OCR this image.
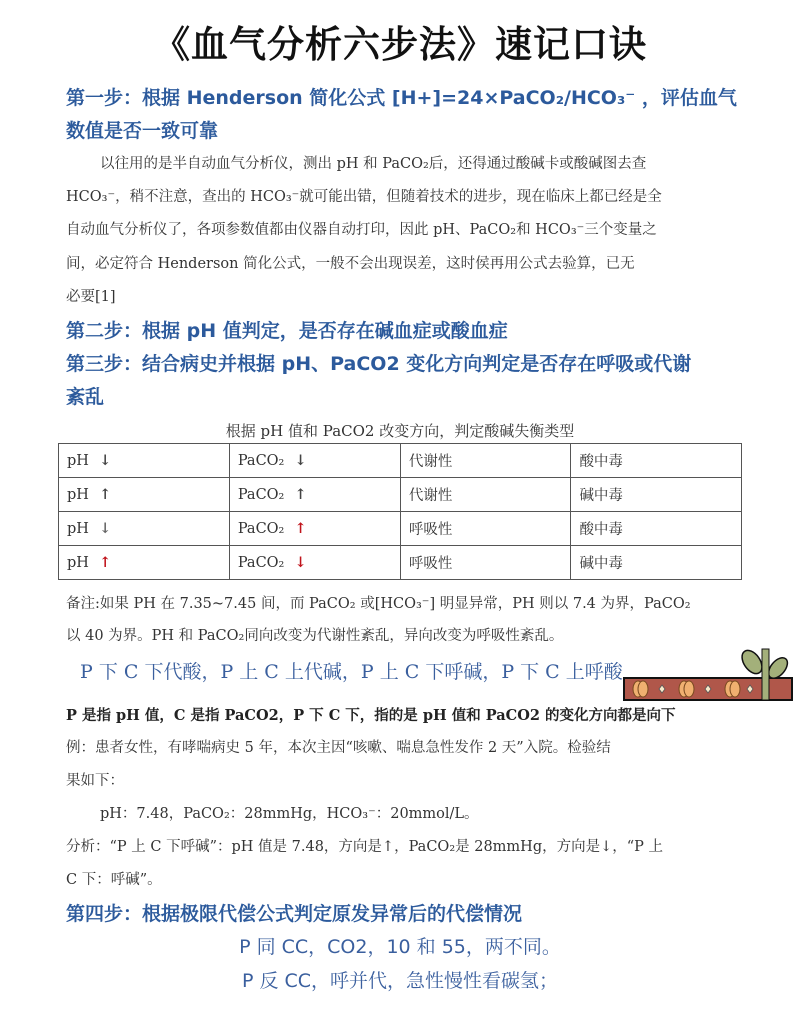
《血气分析六步法》速记口诀
第一步：根据 Henderson 简化公式 [H+]=24×PaCO₂/HCO₃⁻ ，评估血气
数值是否一致可靠
以往用的是半自动血气分析仪，测出 pH 和 PaCO₂后，还得通过酸碱卡或酸碱图去查
HCO₃⁻，稍不注意，查出的 HCO₃⁻就可能出错，但随着技术的进步，现在临床上都已经是全
自动血气分析仪了，各项参数值都由仪器自动打印，因此 pH、PaCO₂和 HCO₃⁻三个变量之
间，必定符合 Henderson 简化公式，一般不会出现误差，这时侯再用公式去验算，已无
必要[1]
第二步：根据 pH 值判定，是否存在碱血症或酸血症
第三步：结合病史并根据 pH、PaCO2 变化方向判定是否存在呼吸或代谢
紊乱
根据 pH 值和 PaCO2 改变方向，判定酸碱失衡类型
pH ↓	PaCO₂ ↓	代谢性	酸中毒
pH ↑	PaCO₂ ↑	代谢性	碱中毒
pH ↓	PaCO₂ ↑	呼吸性	酸中毒
pH ↑	PaCO₂ ↓	呼吸性	碱中毒
备注:如果 PH 在 7.35~7.45 间，而 PaCO₂ 或[HCO₃⁻] 明显异常，PH 则以 7.4 为界，PaCO₂
以 40 为界。PH 和 PaCO₂同向改变为代谢性紊乱，异向改变为呼吸性紊乱。
P 下 C 下代酸，P 上 C 上代碱，P 上 C 下呼碱，P 下 C 上呼酸
P 是指 pH 值，C 是指 PaCO2，P 下 C 下，指的是 pH 值和 PaCO2 的变化方向都是向下
例：患者女性，有哮喘病史 5 年，本次主因“咳嗽、喘息急性发作 2 天”入院。检验结
果如下：
pH：7.48，PaCO₂：28mmHg，HCO₃⁻：20mmol/L。
分析：“P 上 C 下呼碱”：pH 值是 7.48，方向是↑，PaCO₂是 28mmHg，方向是↓，“P 上
C 下：呼碱”。
第四步：根据极限代偿公式判定原发异常后的代偿情况
P 同 CC，CO2，10 和 55，两不同。
P 反 CC，呼并代，急性慢性看碳氢；
